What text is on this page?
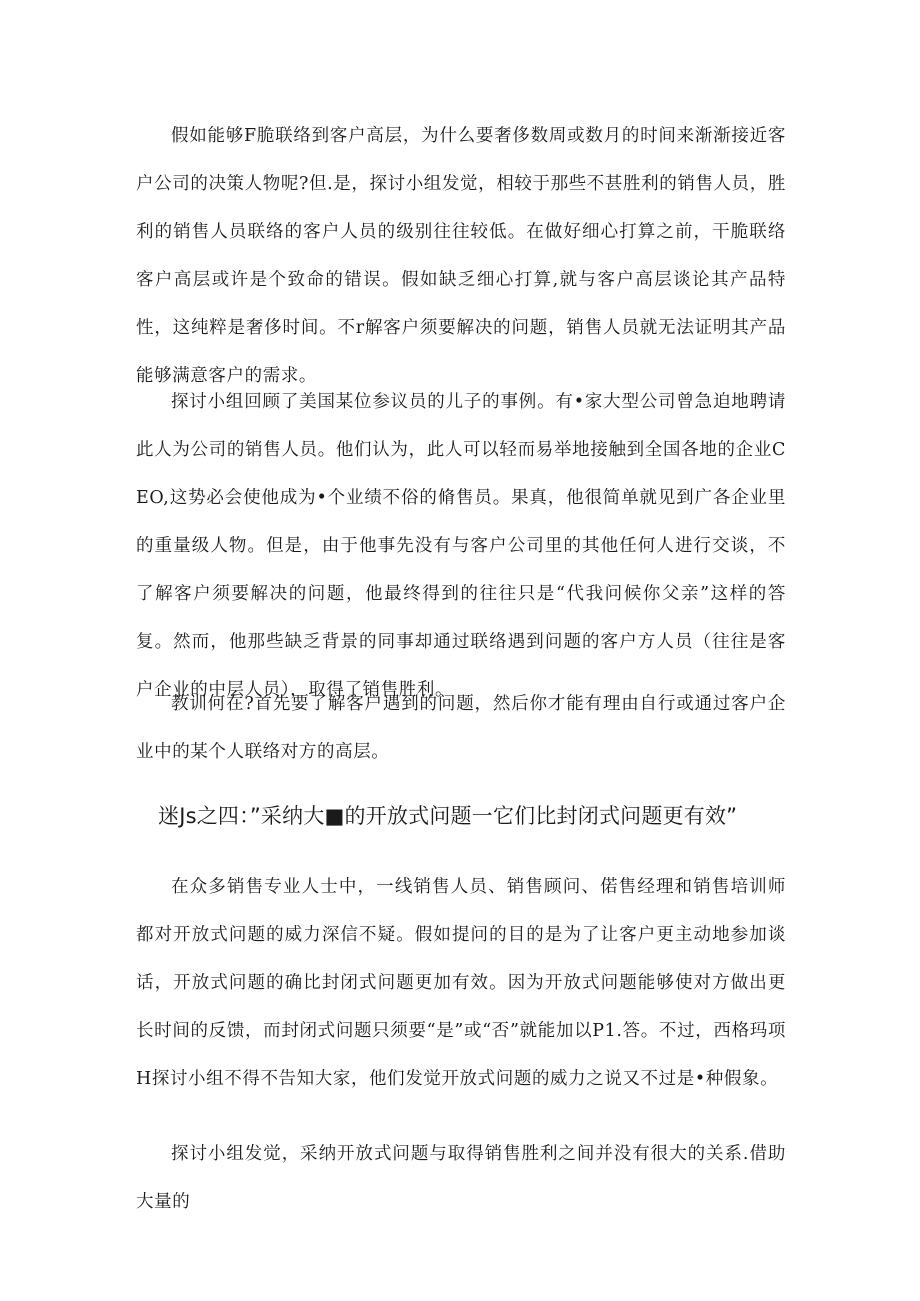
假如能够F脆联络到客户高层，为什么要奢侈数周或数月的时间来渐渐接近客户公司的决策人物呢?但.是，探讨小组发觉，相较于那些不甚胜利的销售人员，胜利的销售人员联络的客户人员的级别往往较低。在做好细心打算之前，干脆联络客户高层或许是个致命的错误。假如缺乏细心打算,就与客户高层谈论其产品特性，这纯粹是奢侈时间。不r解客户须要解决的问题，销售人员就无法证明其产品能够满意客户的需求。

探讨小组回顾了美国某位参议员的儿子的事例。有•家大型公司曾急迫地聘请此人为公司的销售人员。他们认为，此人可以轻而易举地接触到全国各地的企业CEO,这势必会使他成为•个业绩不俗的脩售员。果真，他很简单就见到广各企业里的重量级人物。但是，由于他事先没有与客户公司里的其他任何人进行交谈，不了解客户须要解决的问题，他最终得到的往往只是“代我问候你父亲”这样的答复。然而，他那些缺乏背景的同事却通过联络遇到问题的客户方人员（往往是客户企业的中层人员），取得了销售胜利。

教训何在?首先要了解客户遇到的问题，然后你才能有理由自行或通过客户企业中的某个人联络对方的高层。

迷Js之四：”采纳大■的开放式问题一它们比封闭式问题更有效”

在众多销售专业人士中，一线销售人员、销售顾问、偌售经理和销售培训师都对开放式问题的威力深信不疑。假如提问的目的是为了让客户更主动地参加谈话，开放式问题的确比封闭式问题更加有效。因为开放式问题能够使对方做出更长时间的反馈，而封闭式问题只须要“是”或“否”就能加以P1.答。不过，西格玛项H探讨小组不得不告知大家，他们发觉开放式问题的威力之说又不过是•种假象。

探讨小组发觉，采纳开放式问题与取得销售胜利之间并没有很大的关系.借助大量的
